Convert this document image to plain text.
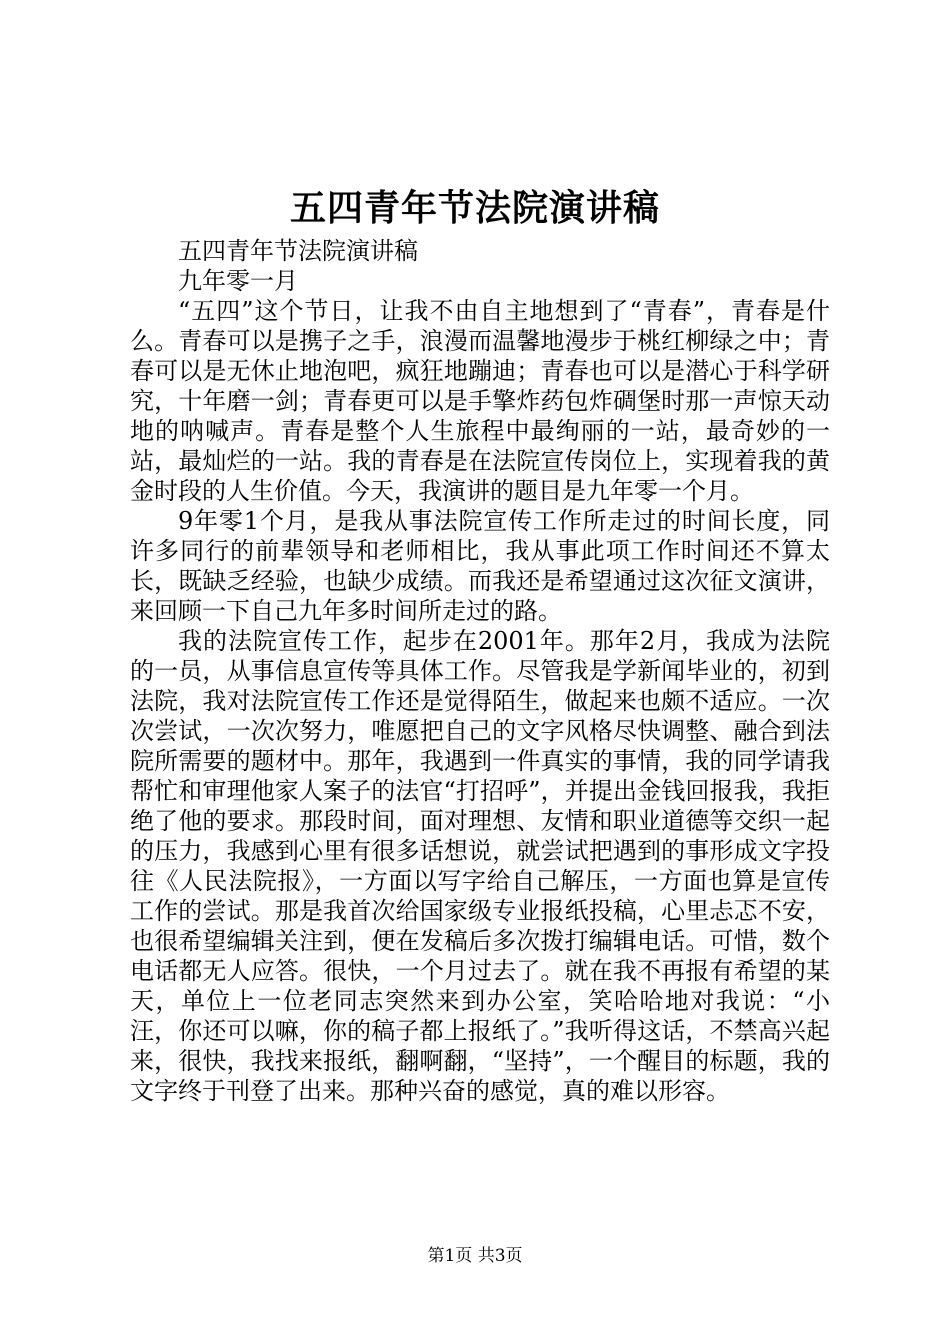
五四青年节法院演讲稿

五四青年节法院演讲稿

九年零一月

“五四”这个节日，让我不由自主地想到了“青春”，青春是什么。青春可以是携子之手，浪漫而温馨地漫步于桃红柳绿之中；青春可以是无休止地泡吧，疯狂地蹦迪；青春也可以是潜心于科学研究，十年磨一剑；青春更可以是手擎炸药包炸碉堡时那一声惊天动地的呐喊声。青春是整个人生旅程中最绚丽的一站，最奇妙的一站，最灿烂的一站。我的青春是在法院宣传岗位上，实现着我的黄金时段的人生价值。今天，我演讲的题目是九年零一个月。

9年零1个月，是我从事法院宣传工作所走过的时间长度，同许多同行的前辈领导和老师相比，我从事此项工作时间还不算太长，既缺乏经验，也缺少成绩。而我还是希望通过这次征文演讲，来回顾一下自己九年多时间所走过的路。

我的法院宣传工作，起步在2001年。那年2月，我成为法院的一员，从事信息宣传等具体工作。尽管我是学新闻毕业的，初到法院，我对法院宣传工作还是觉得陌生，做起来也颇不适应。一次次尝试，一次次努力，唯愿把自己的文字风格尽快调整、融合到法院所需要的题材中。那年，我遇到一件真实的事情，我的同学请我帮忙和审理他家人案子的法官“打招呼”，并提出金钱回报我，我拒绝了他的要求。那段时间，面对理想、友情和职业道德等交织一起的压力，我感到心里有很多话想说，就尝试把遇到的事形成文字投往《人民法院报》，一方面以写字给自己解压，一方面也算是宣传工作的尝试。那是我首次给国家级专业报纸投稿，心里忐忑不安，也很希望编辑关注到，便在发稿后多次拨打编辑电话。可惜，数个电话都无人应答。很快，一个月过去了。就在我不再报有希望的某天，单位上一位老同志突然来到办公室，笑哈哈地对我说：“小汪，你还可以嘛，你的稿子都上报纸了。”我听得这话，不禁高兴起来，很快，我找来报纸，翻啊翻，“坚持”，一个醒目的标题，我的文字终于刊登了出来。那种兴奋的感觉，真的难以形容。

第1页 共3页
